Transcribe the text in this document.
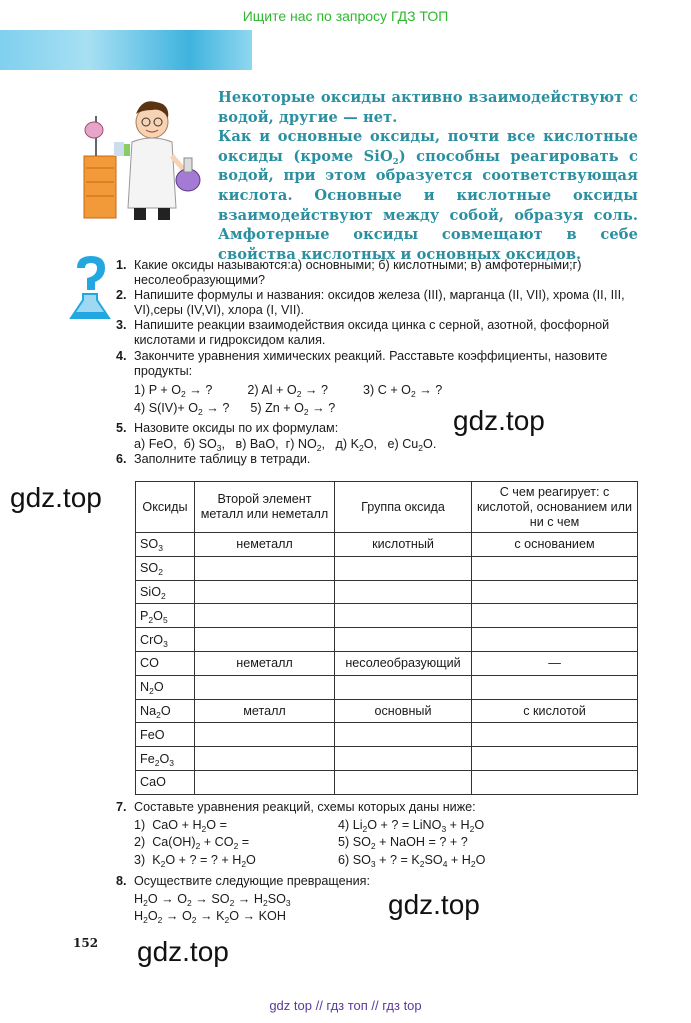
Ищите нас по запросу ГДЗ ТОП

Некоторые оксиды активно взаимодействуют с водой, другие — нет.

Как и основные оксиды, почти все кислотные оксиды (кроме SiO$_2$) способны реагировать с водой, при этом образуется соответствующая кислота. Основные и кислотные оксиды взаимодействуют между собой, образуя соль. Амфотерные оксиды совмещают в себе свойства кислотных и основных оксидов.

1. Какие оксиды называются:а) основными; б) кислотными; в) амфотерными;г) несолеобразующими?
2. Напишите формулы и названия: оксидов железа (III), марганца (II, VII), хрома (II, III, VI),серы (IV,VI), хлора (I, VII).
3. Напишите реакции взаимодействия оксида цинка с серной, азотной, фосфорной кислотами и гидроксидом калия.
4. Закончите уравнения химических реакций. Расставьте коэффициенты, назовите продукты:
1) $P + O_2$ → ?          2) $Al + O_2$ → ?          3) $C + O_2$ → ?
4) $S(IV)+ O_2$ → ?      5) $Zn + O_2$ → ?
5. Назовите оксиды по их формулам:
а) FeO,  б) $SO_3$,   в) BaO,  г) $NO_2$,   д) $K_2O$,   е) $Cu_2O$.
6. Заполните таблицу в тетради.
Оксиды	Второй элемент металл или неметалл	Группа оксида	С чем реагирует: с кислотой, основанием или ни с чем
$SO_3$	неметалл	кислотный	с основанием
$SO_2$			
SiO$_2$			
$P_2O_5$			
CrO$_3$			
CO	неметалл	несолеобразующий	—
$N_2O$			
$Na_2O$	металл	основный	с кислотой
FeO			
$Fe_2O_3$			
CaO			
7. Составьте уравнения реакций, схемы которых даны ниже:
1)  CaO + $H_2O$ =
2)  $Ca(OH)_2 + CO_2$ =
3)  $K_2O$ + ? = ? + $H_2O$
4) $Li_2O$ + ? = LiNO$_3$ + $H_2O$
5) $SO_2$ + NaOH = ? + ?
6) $SO_3$ + ? = $K_2SO_4 + H_2O$
8. Осуществите следующие превращения:
$H_2O \to O_2 \to SO_2 \to H_2SO_3$
$H_2O_2 \to O_2 \to K_2O$ → KOH
gdz.top
gdz.top
gdz.top
gdz.top
152
gdz top // гдз топ // гдз top
